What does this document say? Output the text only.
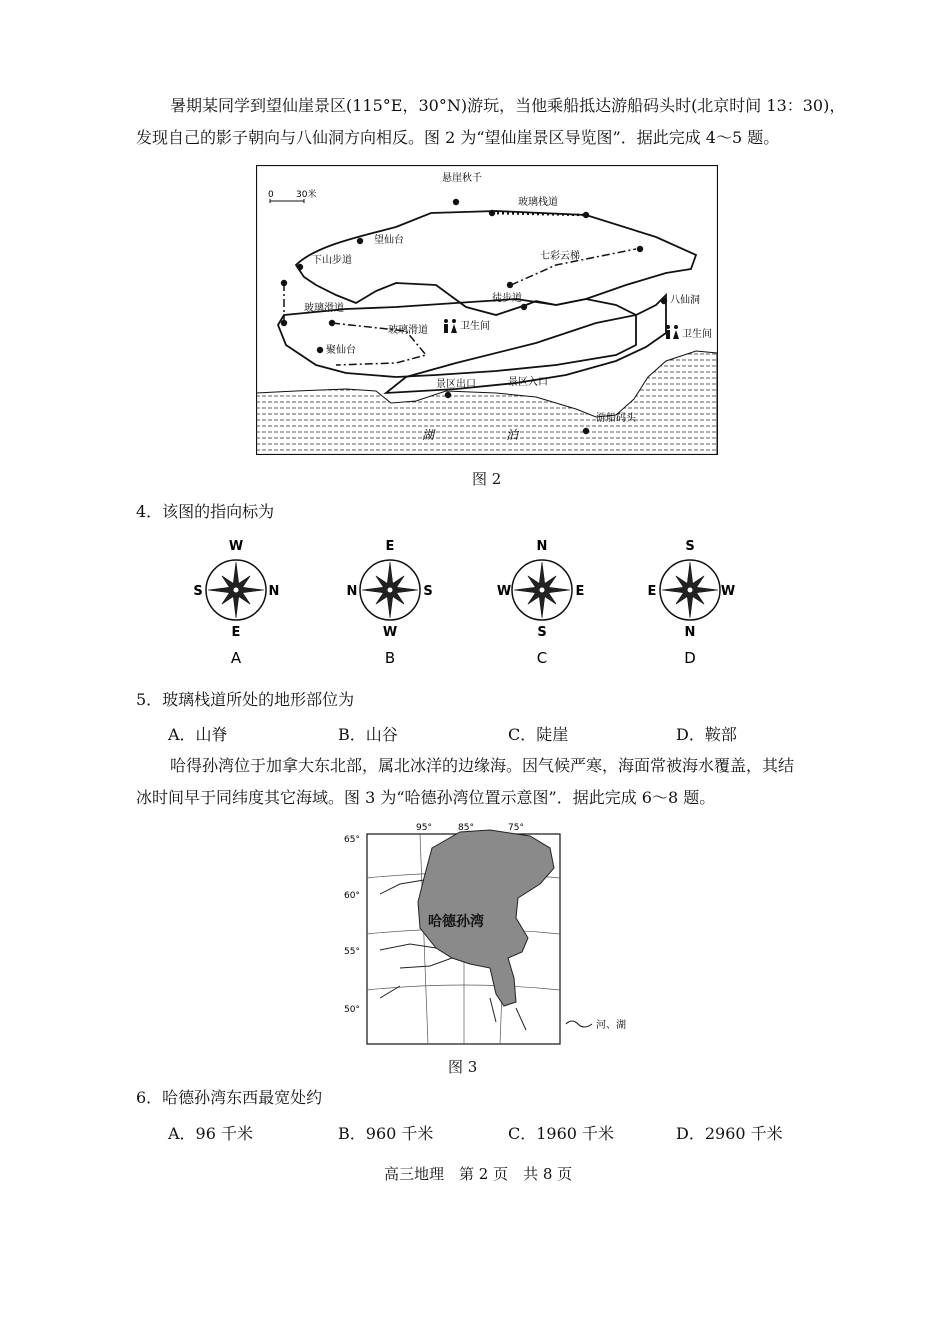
暑期某同学到望仙崖景区(115°E，30°N)游玩，当他乘船抵达游船码头时(北京时间 13：30)，
发现自己的影子朝向与八仙洞方向相反。图 2 为“望仙崖景区导览图”．据此完成 4～5 题。
0 30米
悬崖秋千
玻璃栈道
望仙台
七彩云梯
下山步道
徒步道	八仙洞
玻璃滑道
玻璃滑道	卫生间
卫生间
聚仙台
景区出口	景区入口
游船码头
湖	泊
图 2
4．该图的指向标为
W
N
E
S
A
E
S
W
N
B
N
E
S
W
C
S
W
N
E
D
5．玻璃栈道所处的地形部位为
A．山脊	B．山谷	C．陡崖	D．鞍部
哈得孙湾位于加拿大东北部，属北冰洋的边缘海。因气候严寒，海面常被海水覆盖，其结
冰时间早于同纬度其它海域。图 3 为“哈德孙湾位置示意图”．据此完成 6～8 题。
哈德孙湾
95°	85°	75°
65°
60°
55°
50°
河、湖
图 3
6．哈德孙湾东西最宽处约
A．96 千米	B．960 千米	C．1960 千米	D．2960 千米
高三地理　第 2 页　共 8 页
